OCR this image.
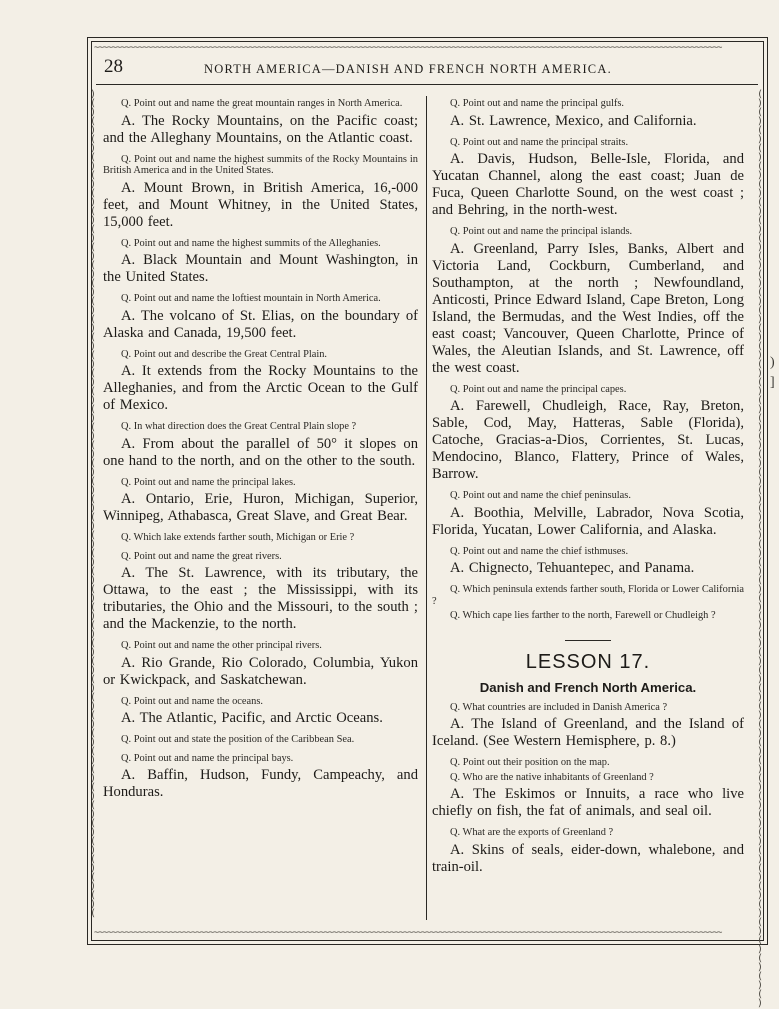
~~~~~~~~~~~~~~~~~~~~~~~~~~~~~~~~~~~~~~~~~~~~~~~~~~~~~~~~~~~~~~~~~~~~~~~~~~~~~~~~~~~~~~~~~~~~~~~~~~~~~~~~~~~~~~~~~~~~~~~~~~~~~~~~~~~~~~~~~~~~~~
~~~~~~~~~~~~~~~~~~~~~~~~~~~~~~~~~~~~~~~~~~~~~~~~~~~~~~~~~~~~~~~~~~~~~~~~~~~~~~~~~~~~~~~~~~~~~~~~~~~~~~~~~~~~~~~~~~~~~~~~~~~~~~~~~~~~~~~~~~~~~~
)
(
)
(
)
(
)
(
)
(
)
(
)
(
)
(
)
(
)
(
)
(
)
(
)
(
)
(
)
(
)
(
)
(
)
(
)
(
)
(
)
(
)
(
)
(
)
(
)
(
)
(
)
(
)
(
)
(
)
(
)
(
)
(
)
(
)
(
)
(
)
(
)
(
)
(
)
(
)
(
)
(
)
(
)
(
)
(
)
(
)
(
(
)
(
)
(
)
(
)
(
)
(
)
(
)
(
)
(
)
(
)
(
)
(
)
(
)
(
)
(
)
(
)
(
)
(
)
(
)
(
)
(
)
(
)
(
)
(
)
(
)
(
)
(
)
(
)
(
)
(
)
(
)
(
)
(
)
(
)
(
)
(
)
(
)
(
)
(
)
(
)
(
)
(
)
(
)
(
)
(
)
(
)
(
)
(
)
(
)
(
)
(
)
28	NORTH AMERICA—DANISH AND FRENCH NORTH AMERICA.

Q. Point out and name the great mountain ranges in North America.

A. The Rocky Mountains, on the Pacific coast; and the Alleghany Mountains, on the Atlantic coast.

Q. Point out and name the highest summits of the Rocky Mountains in British America and in the United States.

A. Mount Brown, in British America, 16,-000 feet, and Mount Whitney, in the United States, 15,000 feet.

Q. Point out and name the highest summits of the Alleghanies.

A. Black Mountain and Mount Washington, in the United States.

Q. Point out and name the loftiest mountain in North America.

A. The volcano of St. Elias, on the boundary of Alaska and Canada, 19,500 feet.

Q. Point out and describe the Great Central Plain.

A. It extends from the Rocky Mountains to the Alleghanies, and from the Arctic Ocean to the Gulf of Mexico.

Q. In what direction does the Great Central Plain slope ?

A. From about the parallel of 50° it slopes on one hand to the north, and on the other to the south.

Q. Point out and name the principal lakes.

A. Ontario, Erie, Huron, Michigan, Superior, Winnipeg, Athabasca, Great Slave, and Great Bear.

Q. Which lake extends farther south, Michigan or Erie ?

Q. Point out and name the great rivers.

A. The St. Lawrence, with its tributary, the Ottawa, to the east ; the Mississippi, with its tributaries, the Ohio and the Missouri, to the south ; and the Mackenzie, to the north.

Q. Point out and name the other principal rivers.

A. Rio Grande, Rio Colorado, Columbia, Yukon or Kwickpack, and Saskatchewan.

Q. Point out and name the oceans.

A. The Atlantic, Pacific, and Arctic Oceans.

Q. Point out and state the position of the Caribbean Sea.

Q. Point out and name the principal bays.

A. Baffin, Hudson, Fundy, Campeachy, and Honduras.

Q. Point out and name the principal gulfs.

A. St. Lawrence, Mexico, and California.

Q. Point out and name the principal straits.

A. Davis, Hudson, Belle-Isle, Florida, and Yucatan Channel, along the east coast; Juan de Fuca, Queen Charlotte Sound, on the west coast ; and Behring, in the north-west.

Q. Point out and name the principal islands.

A. Greenland, Parry Isles, Banks, Albert and Victoria Land, Cockburn, Cumberland, and Southampton, at the north ; Newfoundland, Anticosti, Prince Edward Island, Cape Breton, Long Island, the Bermudas, and the West Indies, off the east coast; Vancouver, Queen Charlotte, Prince of Wales, the Aleutian Islands, and St. Lawrence, off the west coast.

Q. Point out and name the principal capes.

A. Farewell, Chudleigh, Race, Ray, Breton, Sable, Cod, May, Hatteras, Sable (Florida), Catoche, Gracias-a-Dios, Corrientes, St. Lucas, Mendocino, Blanco, Flattery, Prince of Wales, Barrow.

Q. Point out and name the chief peninsulas.

A. Boothia, Melville, Labrador, Nova Scotia, Florida, Yucatan, Lower California, and Alaska.

Q. Point out and name the chief isthmuses.

A. Chignecto, Tehuantepec, and Panama.

Q. Which peninsula extends farther south, Florida or Lower California ?

Q. Which cape lies farther to the north, Farewell or Chudleigh ?

LESSON 17.
Danish and French North America.

Q. What countries are included in Danish America ?

A. The Island of Greenland, and the Island of Iceland. (See Western Hemisphere, p. 8.)

Q. Point out their position on the map.

Q. Who are the native inhabitants of Greenland ?

A. The Eskimos or Innuits, a race who live chiefly on fish, the fat of animals, and seal oil.

Q. What are the exports of Greenland ?

A. Skins of seals, eider-down, whalebone, and train-oil.

)
]
